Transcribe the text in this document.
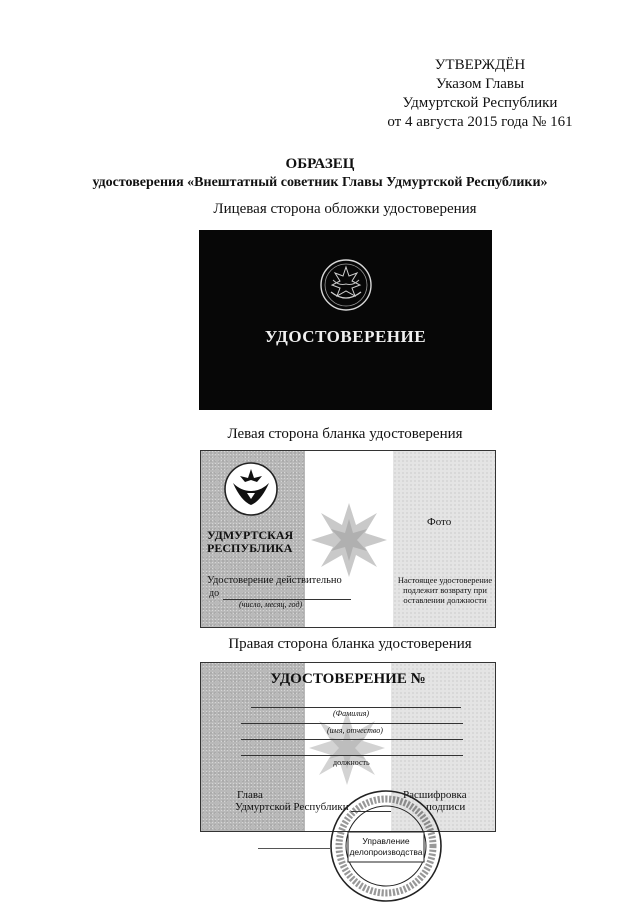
УТВЕРЖДЁН
Указом Главы
Удмуртской Республики
от 4 августа 2015 года № 161
ОБРАЗЕЦ
удостоверения «Внештатный советник Главы Удмуртской Республики»
Лицевая сторона обложки удостоверения
УДОСТОВЕРЕНИЕ
Левая сторона бланка удостоверения
УДМУРТСКАЯ
РЕСПУБЛИКА
Фото
Удостоверение действительно
до
(число, месяц, год)
Настоящее удостоверение
подлежит возврату при
оставлении должности
Правая сторона бланка удостоверения
УДОСТОВЕРЕНИЕ №
(Фамилия)
(имя, отчество)
должность
Глава
Удмуртской Республики
Расшифровка
подписи
Управление
делопроизводства
